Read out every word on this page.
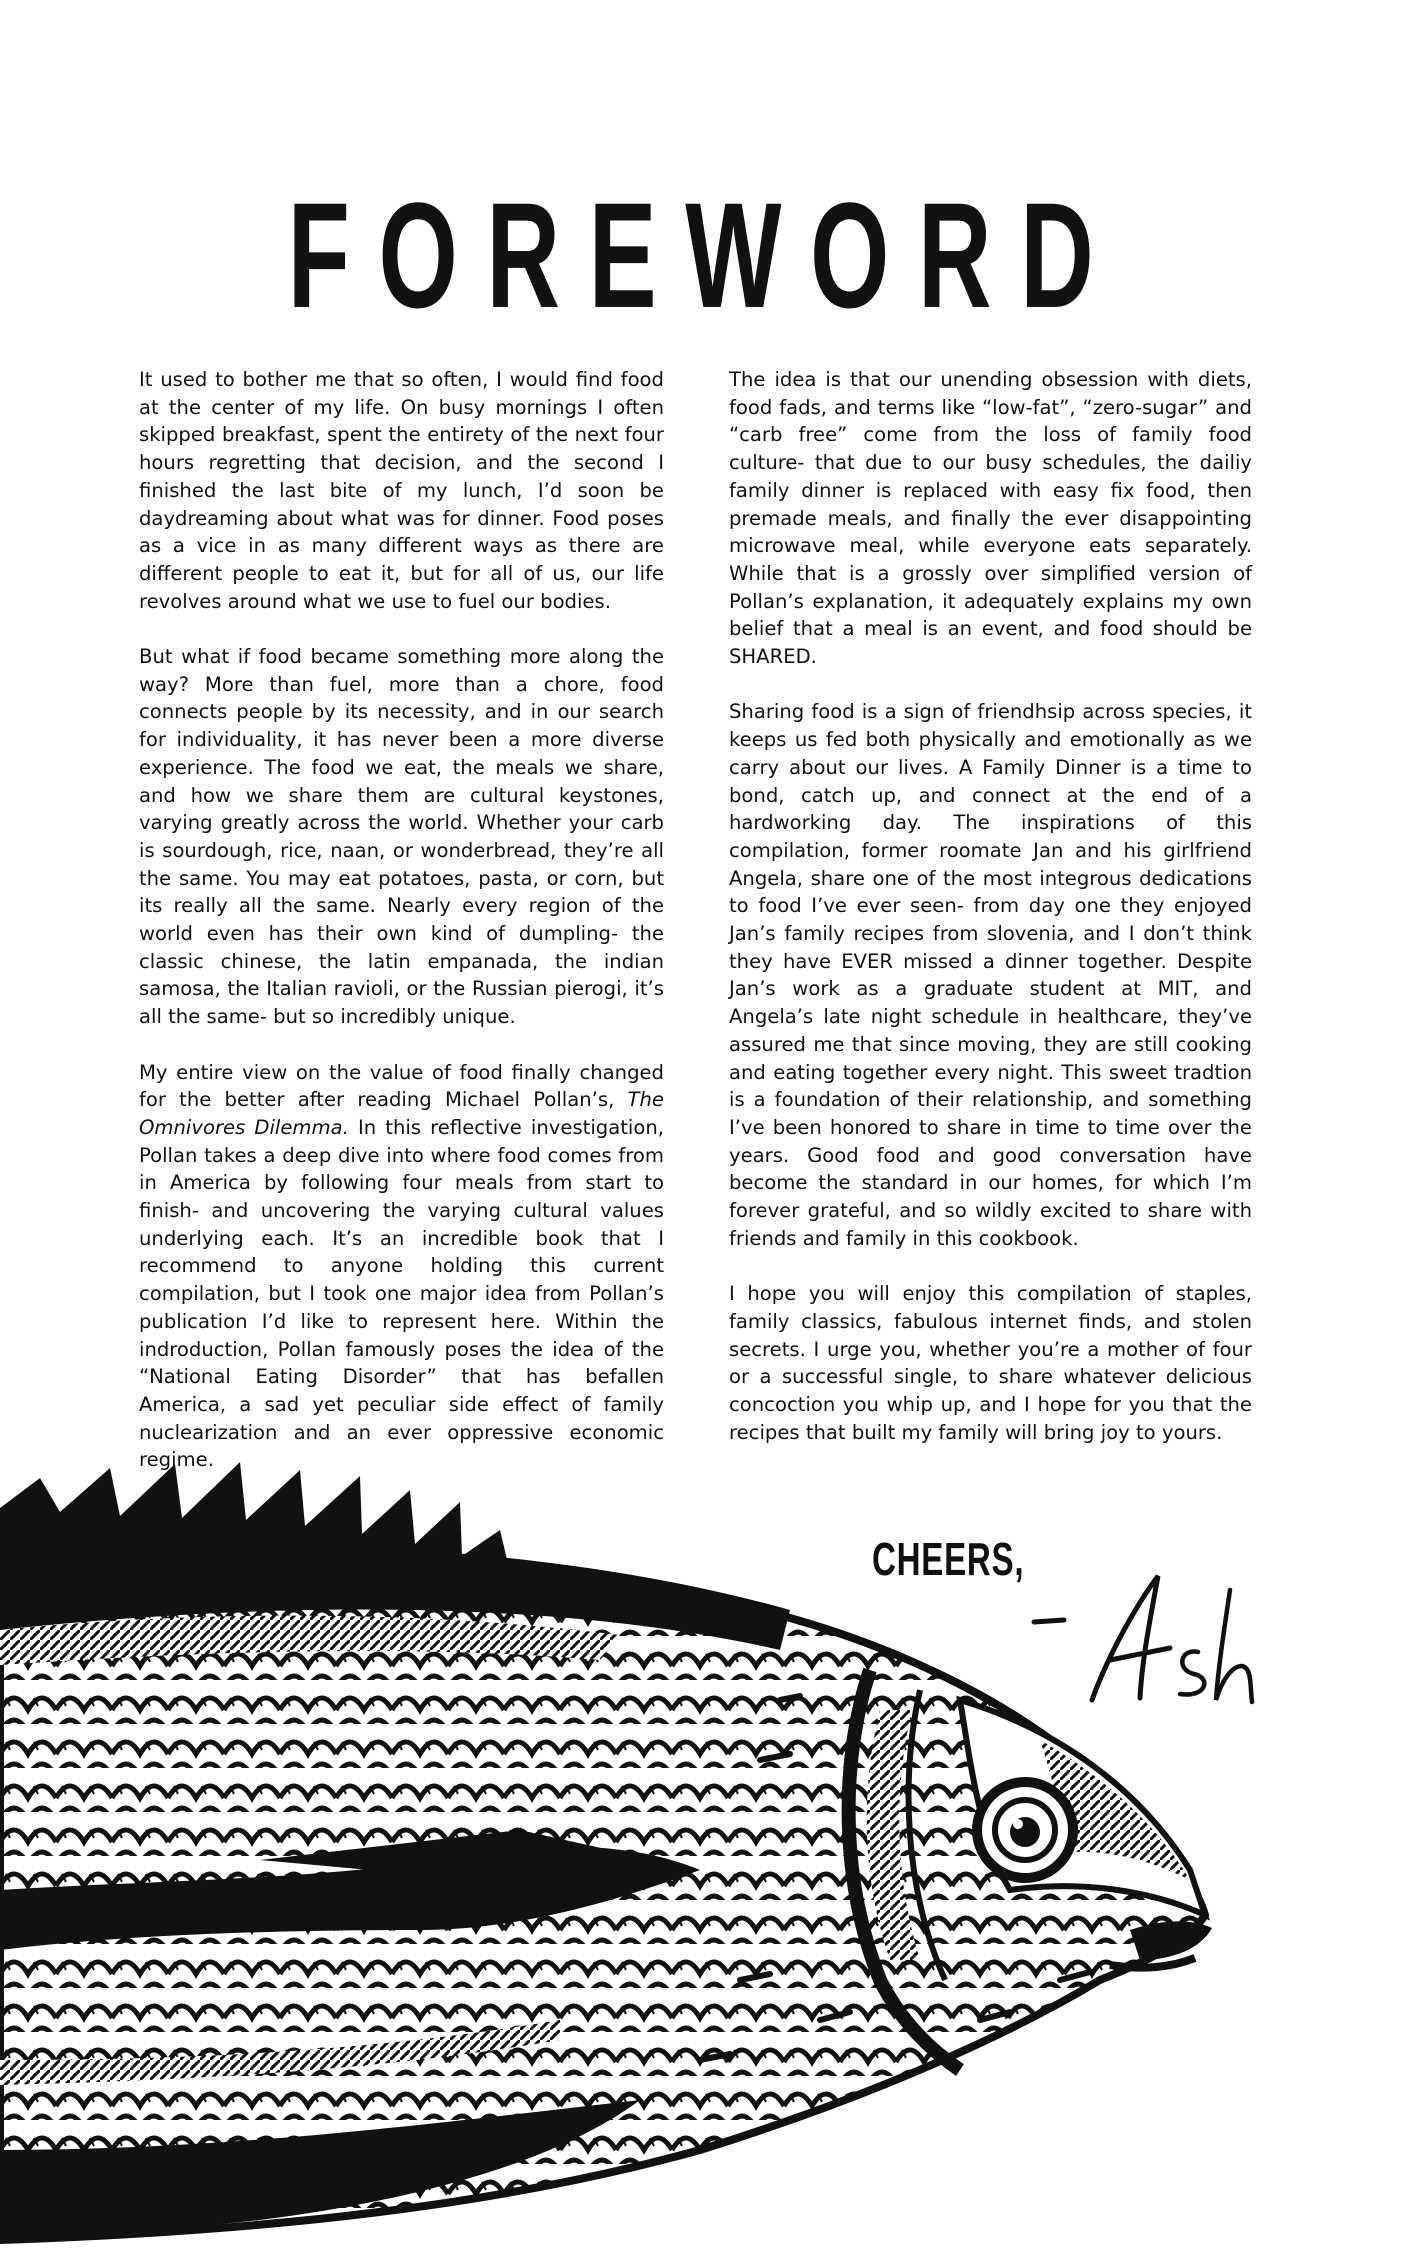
FOREWORD

It used to bother me that so often, I would find food at the center of my life. On busy mornings I often skipped breakfast, spent the entirety of the next four hours regretting that decision, and the second I finished the last bite of my lunch, I’d soon be daydreaming about what was for dinner. Food poses as a vice in as many different ways as there are different people to eat it, but for all of us, our life revolves around what we use to fuel our bodies.

But what if food became something more along the way? More than fuel, more than a chore, food connects people by its necessity, and in our search for individuality, it has never been a more diverse experience. The food we eat, the meals we share, and how we share them are cultural keystones, varying greatly across the world. Whether your carb is sourdough, rice, naan, or wonderbread, they’re all the same. You may eat potatoes, pasta, or corn, but its really all the same. Nearly every region of the world even has their own kind of dumpling- the classic chinese, the latin empanada, the indian samosa, the Italian ravioli, or the Russian pierogi, it’s all the same- but so incredibly unique.

My entire view on the value of food finally changed for the better after reading Michael Pollan’s, The Omnivores Dilemma. In this reflective investigation, Pollan takes a deep dive into where food comes from in America by following four meals from start to finish- and uncovering the varying cultural values underlying each. It’s an incredible book that I recommend to anyone holding this current compilation, but I took one major idea from Pollan’s publication I’d like to represent here. Within the indroduction, Pollan famously poses the idea of the “National Eating Disorder” that has befallen America, a sad yet peculiar side effect of family nuclearization and an ever oppressive economic regime.

The idea is that our unending obsession with diets, food fads, and terms like “low-fat”, “zero-sugar” and “carb free” come from the loss of family food culture- that due to our busy schedules, the dailiy family dinner is replaced with easy fix food, then premade meals, and finally the ever disappointing microwave meal, while everyone eats separately. While that is a grossly over simplified version of Pollan’s explanation, it adequately explains my own belief that a meal is an event, and food should be SHARED.

Sharing food is a sign of friendhsip across species, it keeps us fed both physically and emotionally as we carry about our lives. A Family Dinner is a time to bond, catch up, and connect at the end of a hardworking day. The inspirations of this compilation, former roomate Jan and his girlfriend Angela, share one of the most integrous dedications to food I’ve ever seen- from day one they enjoyed Jan’s family recipes from slovenia, and I don’t think they have EVER missed a dinner together. Despite Jan’s work as a graduate student at MIT, and Angela’s late night schedule in healthcare, they’ve assured me that since moving, they are still cooking and eating together every night. This sweet tradtion is a foundation of their relationship, and something I’ve been honored to share in time to time over the years. Good food and good conversation have become the standard in our homes, for which I’m forever grateful, and so wildly excited to share with friends and family in this cookbook.

I hope you will enjoy this compilation of staples, family classics, fabulous internet finds, and stolen secrets. I urge you, whether you’re a mother of four or a successful single, to share whatever delicious concoction you whip up, and I hope for you that the recipes that built my family will bring joy to yours.

CHEERS,
